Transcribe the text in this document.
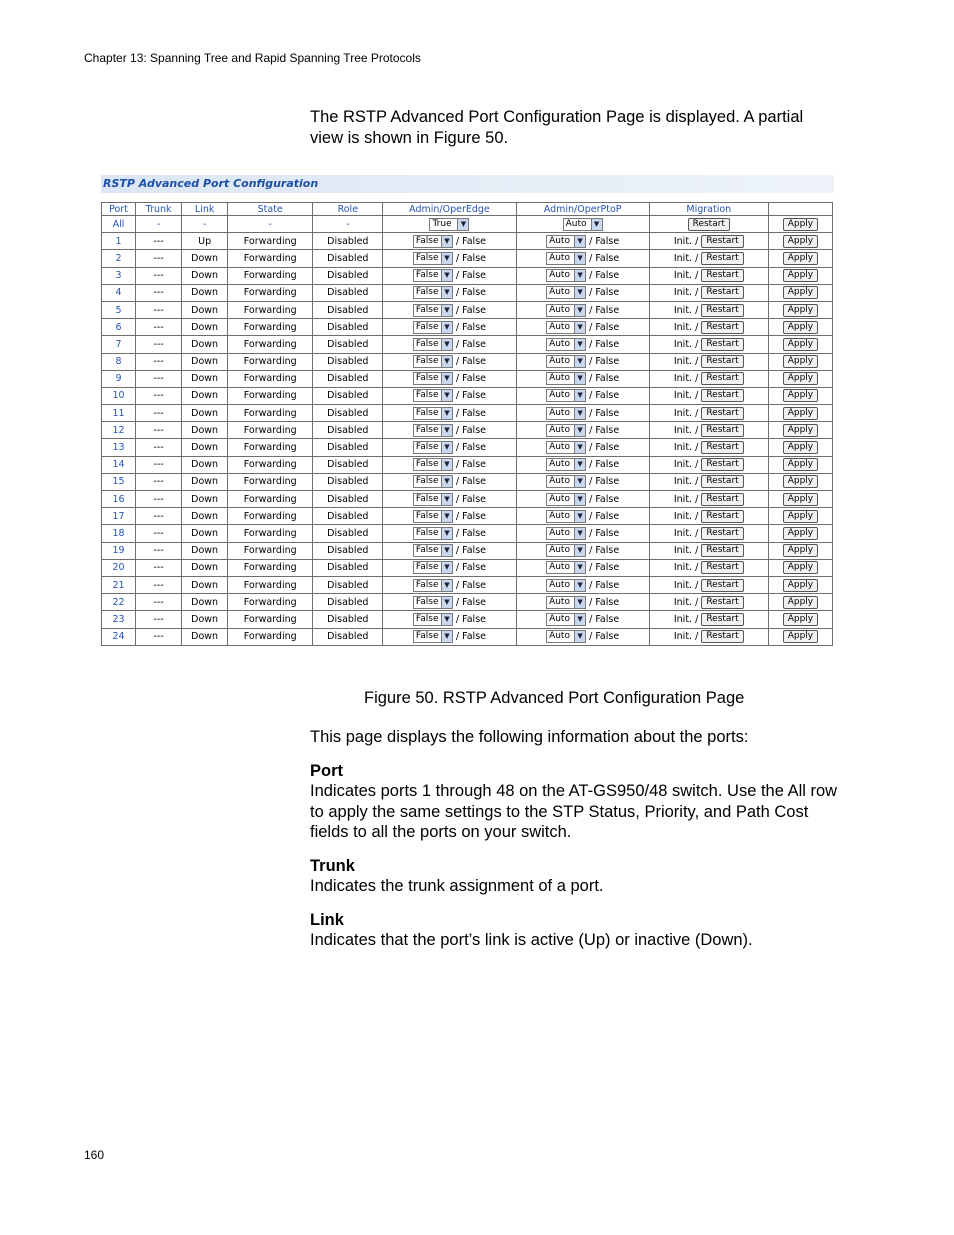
Chapter 13: Spanning Tree and Rapid Spanning Tree Protocols
The RSTP Advanced Port Configuration Page is displayed. A partial view is shown in Figure 50.
RSTP Advanced Port Configuration
Port	Trunk	Link	State	Role	Admin/OperEdge	Admin/OperPtoP	Migration	
All	-	-	-	-	True ▼	Auto ▼	Restart	Apply
1	---	Up	Forwarding	Disabled	False ▼ / False	Auto ▼ / False	Init. / Restart	Apply
2	---	Down	Forwarding	Disabled	False ▼ / False	Auto ▼ / False	Init. / Restart	Apply
3	---	Down	Forwarding	Disabled	False ▼ / False	Auto ▼ / False	Init. / Restart	Apply
4	---	Down	Forwarding	Disabled	False ▼ / False	Auto ▼ / False	Init. / Restart	Apply
5	---	Down	Forwarding	Disabled	False ▼ / False	Auto ▼ / False	Init. / Restart	Apply
6	---	Down	Forwarding	Disabled	False ▼ / False	Auto ▼ / False	Init. / Restart	Apply
7	---	Down	Forwarding	Disabled	False ▼ / False	Auto ▼ / False	Init. / Restart	Apply
8	---	Down	Forwarding	Disabled	False ▼ / False	Auto ▼ / False	Init. / Restart	Apply
9	---	Down	Forwarding	Disabled	False ▼ / False	Auto ▼ / False	Init. / Restart	Apply
10	---	Down	Forwarding	Disabled	False ▼ / False	Auto ▼ / False	Init. / Restart	Apply
11	---	Down	Forwarding	Disabled	False ▼ / False	Auto ▼ / False	Init. / Restart	Apply
12	---	Down	Forwarding	Disabled	False ▼ / False	Auto ▼ / False	Init. / Restart	Apply
13	---	Down	Forwarding	Disabled	False ▼ / False	Auto ▼ / False	Init. / Restart	Apply
14	---	Down	Forwarding	Disabled	False ▼ / False	Auto ▼ / False	Init. / Restart	Apply
15	---	Down	Forwarding	Disabled	False ▼ / False	Auto ▼ / False	Init. / Restart	Apply
16	---	Down	Forwarding	Disabled	False ▼ / False	Auto ▼ / False	Init. / Restart	Apply
17	---	Down	Forwarding	Disabled	False ▼ / False	Auto ▼ / False	Init. / Restart	Apply
18	---	Down	Forwarding	Disabled	False ▼ / False	Auto ▼ / False	Init. / Restart	Apply
19	---	Down	Forwarding	Disabled	False ▼ / False	Auto ▼ / False	Init. / Restart	Apply
20	---	Down	Forwarding	Disabled	False ▼ / False	Auto ▼ / False	Init. / Restart	Apply
21	---	Down	Forwarding	Disabled	False ▼ / False	Auto ▼ / False	Init. / Restart	Apply
22	---	Down	Forwarding	Disabled	False ▼ / False	Auto ▼ / False	Init. / Restart	Apply
23	---	Down	Forwarding	Disabled	False ▼ / False	Auto ▼ / False	Init. / Restart	Apply
24	---	Down	Forwarding	Disabled	False ▼ / False	Auto ▼ / False	Init. / Restart	Apply
Figure 50. RSTP Advanced Port Configuration Page

This page displays the following information about the ports:

Port

Indicates ports 1 through 48 on the AT-GS950/48 switch. Use the All row to apply the same settings to the STP Status, Priority, and Path Cost fields to all the ports on your switch.

Trunk

Indicates the trunk assignment of a port.

Link

Indicates that the port’s link is active (Up) or inactive (Down).

160
